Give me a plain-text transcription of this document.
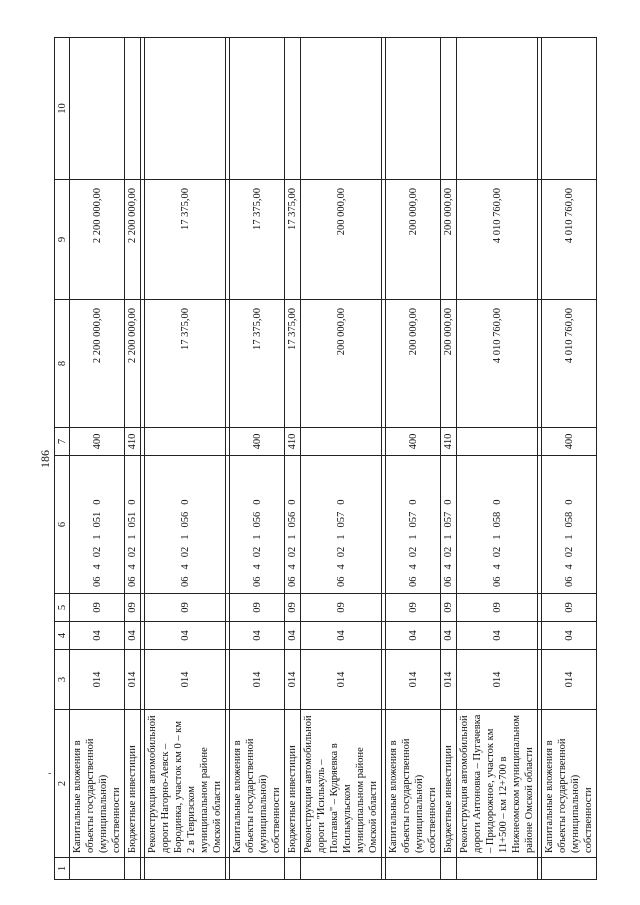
-
186
1	2	3	4	5	6	7	8	9	10
	Капитальные вложения в объекты государственной (муниципальной) собственности	014	04	09	0640210510	400	2 200 000,00	2 200 000,00	
	Бюджетные инвестиции	014	04	09	0640210510	410	2 200 000,00	2 200 000,00	

	Реконструкция автомобильной дороги Нагорно-Аевск – Бородинка, участок км 0 – км 2 в Тевризском муниципальном районе Омской области	014	04	09	0640210560		17 375,00	17 375,00	

	Капитальные вложения в объекты государственной (муниципальной) собственности	014	04	09	0640210560	400	17 375,00	17 375,00	
	Бюджетные инвестиции	014	04	09	0640210560	410	17 375,00	17 375,00	
	Реконструкция автомобильной дороги "Исилькуль – Полтавка" – Кудряевка в Исилькульском муниципальном районе Омской области	014	04	09	0640210570		200 000,00	200 000,00	

	Капитальные вложения в объекты государственной (муниципальной) собственности	014	04	09	0640210570	400	200 000,00	200 000,00	
	Бюджетные инвестиции	014	04	09	0640210570	410	200 000,00	200 000,00	
	Реконструкция автомобильной дороги Антоновка – Пугачевка – Придорожное, участок км 11+500 – км 12+700 в Нижнеомском муниципальном районе Омской области	014	04	09	0640210580		4 010 760,00	4 010 760,00	

	Капитальные вложения в объекты государственной (муниципальной) собственности	014	04	09	0640210580	400	4 010 760,00	4 010 760,00	
